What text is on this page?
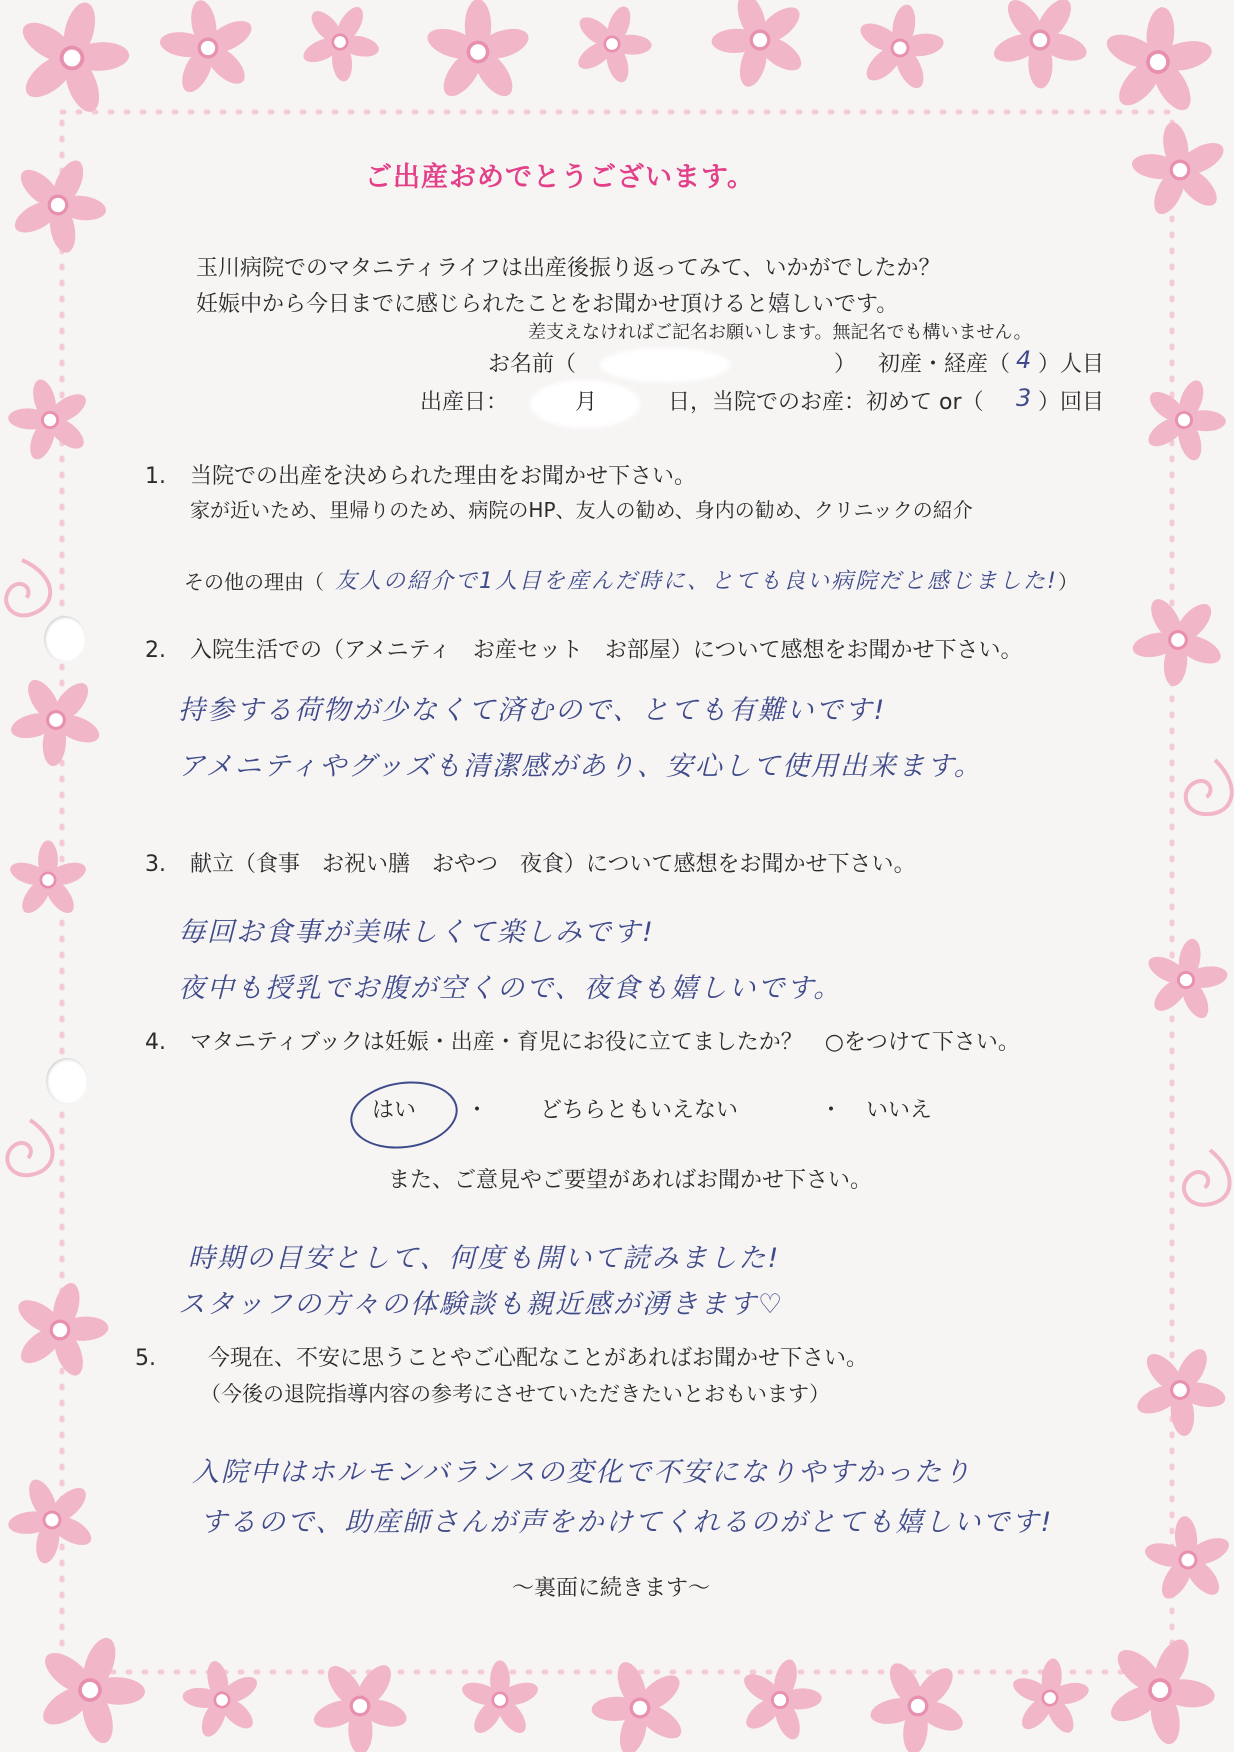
ご出産おめでとうございます。
玉川病院でのマタニティライフは出産後振り返ってみて、いかがでしたか？
妊娠中から今日までに感じられたことをお聞かせ頂けると嬉しいです。
差支えなければご記名お願いします。無記名でも構いません。
お名前（	） 初産・経産（ 4 ）人目
出産日：	月	日，当院でのお産：初めて or（ 3 ）回目
1. 当院での出産を決められた理由をお聞かせ下さい。
家が近いため、里帰りのため、病院のHP、友人の勧め、身内の勧め、クリニックの紹介
その他の理由（ 友人の紹介で1人目を産んだ時に、とても良い病院だと感じました! ）
2. 入院生活での（アメニティ　お産セット　お部屋）について感想をお聞かせ下さい。
持参する荷物が少なくて済むので、とても有難いです!
アメニティやグッズも清潔感があり、安心して使用出来ます。
3. 献立（食事　お祝い膳　おやつ　夜食）について感想をお聞かせ下さい。
毎回お食事が美味しくて楽しみです!
夜中も授乳でお腹が空くので、夜食も嬉しいです。
4. マタニティブックは妊娠・出産・育児にお役に立てましたか？　○をつけて下さい。
はい ・ どちらともいえない	・ いいえ
また、ご意見やご要望があればお聞かせ下さい。
時期の目安として、何度も開いて読みました!
スタッフの方々の体験談も親近感が湧きます♡
5. 今現在、不安に思うことやご心配なことがあればお聞かせ下さい。
（今後の退院指導内容の参考にさせていただきたいとおもいます）
入院中はホルモンバランスの変化で不安になりやすかったり
するので、助産師さんが声をかけてくれるのがとても嬉しいです!
～裏面に続きます～
